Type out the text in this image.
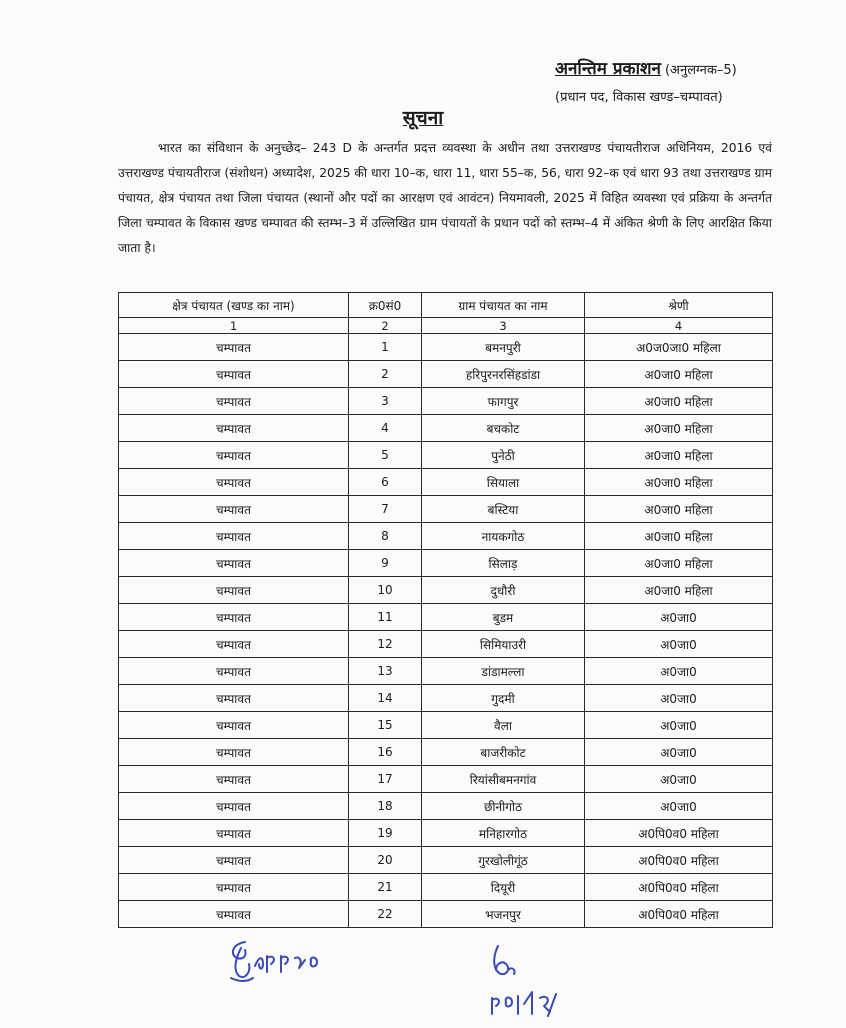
अनन्तिम प्रकाशन (अनुलग्नक–5)
(प्रधान पद, विकास खण्ड–चम्पावत)
सूचना

भारत का संविधान के अनुच्छेद– 243 D के अन्तर्गत प्रदत्त व्यवस्था के अधीन तथा उत्तराखण्ड पंचायतीराज अधिनियम, 2016 एवं उत्तराखण्ड पंचायतीराज (संशोधन) अध्यादेश, 2025 की धारा 10–क, धारा 11, धारा 55–क, 56, धारा 92–क एवं धारा 93 तथा उत्तराखण्ड ग्राम पंचायत, क्षेत्र पंचायत तथा जिला पंचायत (स्थानों और पदों का आरक्षण एवं आवंटन) नियमावली, 2025 में विहित व्यवस्था एवं प्रक्रिया के अन्तर्गत जिला चम्पावत के विकास खण्ड चम्पावत की स्तम्भ–3 में उल्लिखित ग्राम पंचायतों के प्रधान पदों को स्तम्भ–4 में अंकित श्रेणी के लिए आरक्षित किया जाता है।

क्षेत्र पंचायत (खण्ड का नाम)	क्र0सं0	ग्राम पंचायत का नाम	श्रेणी
1	2	3	4
चम्पावत	1	बमनपुरी	अ0ज0जा0 महिला
चम्पावत	2	हरिपुरनरसिंहडांडा	अ0जा0 महिला
चम्पावत	3	फागपुर	अ0जा0 महिला
चम्पावत	4	बचकोट	अ0जा0 महिला
चम्पावत	5	पुनेठी	अ0जा0 महिला
चम्पावत	6	सियाला	अ0जा0 महिला
चम्पावत	7	बस्टिया	अ0जा0 महिला
चम्पावत	8	नायकगोठ	अ0जा0 महिला
चम्पावत	9	सिलाड़	अ0जा0 महिला
चम्पावत	10	दुधौरी	अ0जा0 महिला
चम्पावत	11	बुडम	अ0जा0
चम्पावत	12	सिमियाउरी	अ0जा0
चम्पावत	13	डांडामल्ला	अ0जा0
चम्पावत	14	गुदमी	अ0जा0
चम्पावत	15	वैला	अ0जा0
चम्पावत	16	बाजरीकोट	अ0जा0
चम्पावत	17	रियांसीबमनगांव	अ0जा0
चम्पावत	18	छीनीगोठ	अ0जा0
चम्पावत	19	मनिहारगोठ	अ0पि0व0 महिला
चम्पावत	20	गुरखोलीगूंठ	अ0पि0व0 महिला
चम्पावत	21	दियूरी	अ0पि0व0 महिला
चम्पावत	22	भजनपुर	अ0पि0व0 महिला
